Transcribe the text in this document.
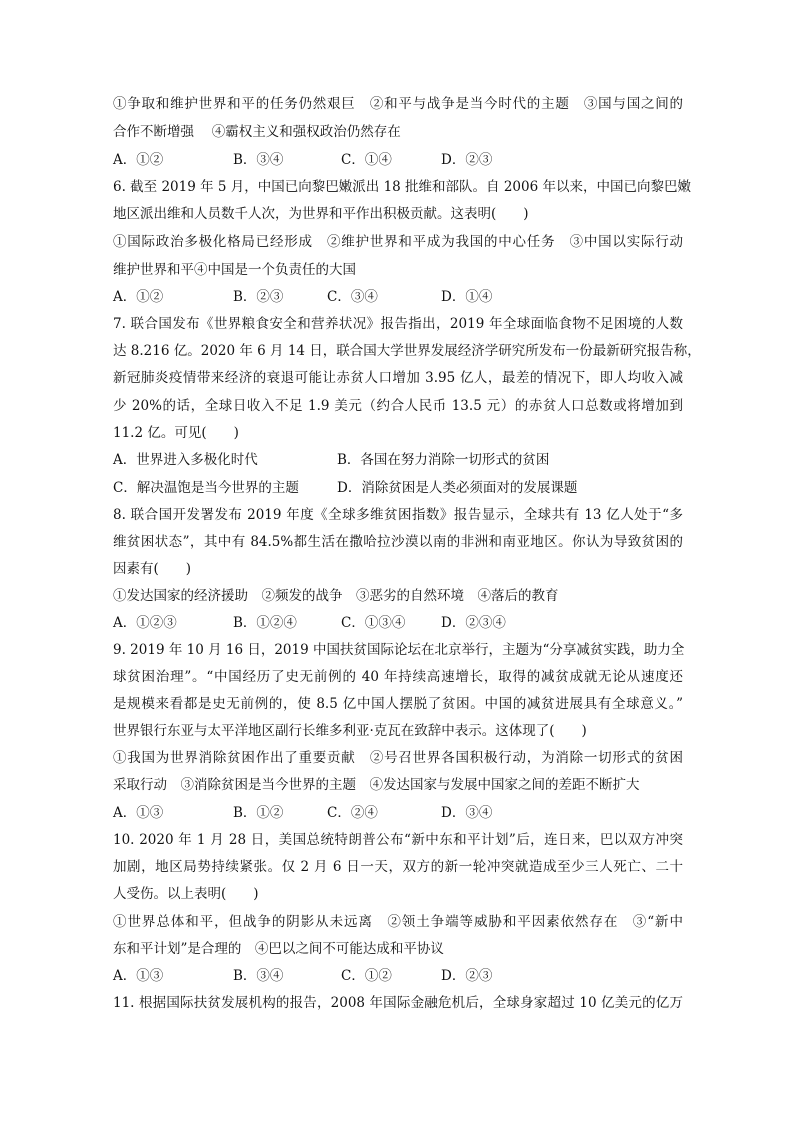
①争取和维护世界和平的任务仍然艰巨　②和平与战争是当今时代的主题　③国与国之间的
合作不断增强　 ④霸权主义和强权政治仍然存在
A．①②	B．③④	C．①④	D．②③
6. 截至 2019 年 5 月，中国已向黎巴嫩派出 18 批维和部队。自 2006 年以来，中国已向黎巴嫩
地区派出维和人员数千人次，为世界和平作出积极贡献。这表明(　　)
①国际政治多极化格局已经形成　②维护世界和平成为我国的中心任务　③中国以实际行动
维护世界和平④中国是一个负责任的大国
A．①②	B．②③	C．③④	D．①④
7. 联合国发布《世界粮食安全和营养状况》报告指出，2019 年全球面临食物不足困境的人数
达 8.216 亿。2020 年 6 月 14 日，联合国大学世界发展经济学研究所发布一份最新研究报告称，
新冠肺炎疫情带来经济的衰退可能让赤贫人口增加 3.95 亿人，最差的情况下，即人均收入减
少 20%的话，全球日收入不足 1.9 美元（约合人民币 13.5 元）的赤贫人口总数或将增加到
11.2 亿。可见(　　)
A．世界进入多极化时代	B．各国在努力消除一切形式的贫困
C．解决温饱是当今世界的主题	D．消除贫困是人类必须面对的发展课题
8. 联合国开发署发布 2019 年度《全球多维贫困指数》报告显示，全球共有 13 亿人处于“多
维贫困状态”，其中有 84.5%都生活在撒哈拉沙漠以南的非洲和南亚地区。你认为导致贫困的
因素有(　　)
①发达国家的经济援助　②频发的战争　③恶劣的自然环境　④落后的教育
A．①②③	B．①②④	C．①③④	D．②③④
9. 2019 年 10 月 16 日，2019 中国扶贫国际论坛在北京举行，主题为“分享减贫实践，助力全
球贫困治理”。“中国经历了史无前例的 40 年持续高速增长，取得的减贫成就无论从速度还
是规模来看都是史无前例的，使 8.5 亿中国人摆脱了贫困。中国的减贫进展具有全球意义。”
世界银行东亚与太平洋地区副行长维多利亚·克瓦在致辞中表示。这体现了(　　)
①我国为世界消除贫困作出了重要贡献　②号召世界各国积极行动，为消除一切形式的贫困
采取行动　③消除贫困是当今世界的主题　④发达国家与发展中国家之间的差距不断扩大
A．①③	B．①②	C．②④	D．③④
10. 2020 年 1 月 28 日，美国总统特朗普公布“新中东和平计划”后，连日来，巴以双方冲突
加剧，地区局势持续紧张。仅 2 月 6 日一天，双方的新一轮冲突就造成至少三人死亡、二十
人受伤。以上表明(　　)
①世界总体和平，但战争的阴影从未远离　②领土争端等威胁和平因素依然存在　③“新中
东和平计划”是合理的　④巴以之间不可能达成和平协议
A．①③	B．③④	C．①②	D．②③
11. 根据国际扶贫发展机构的报告，2008 年国际金融危机后，全球身家超过 10 亿美元的亿万
